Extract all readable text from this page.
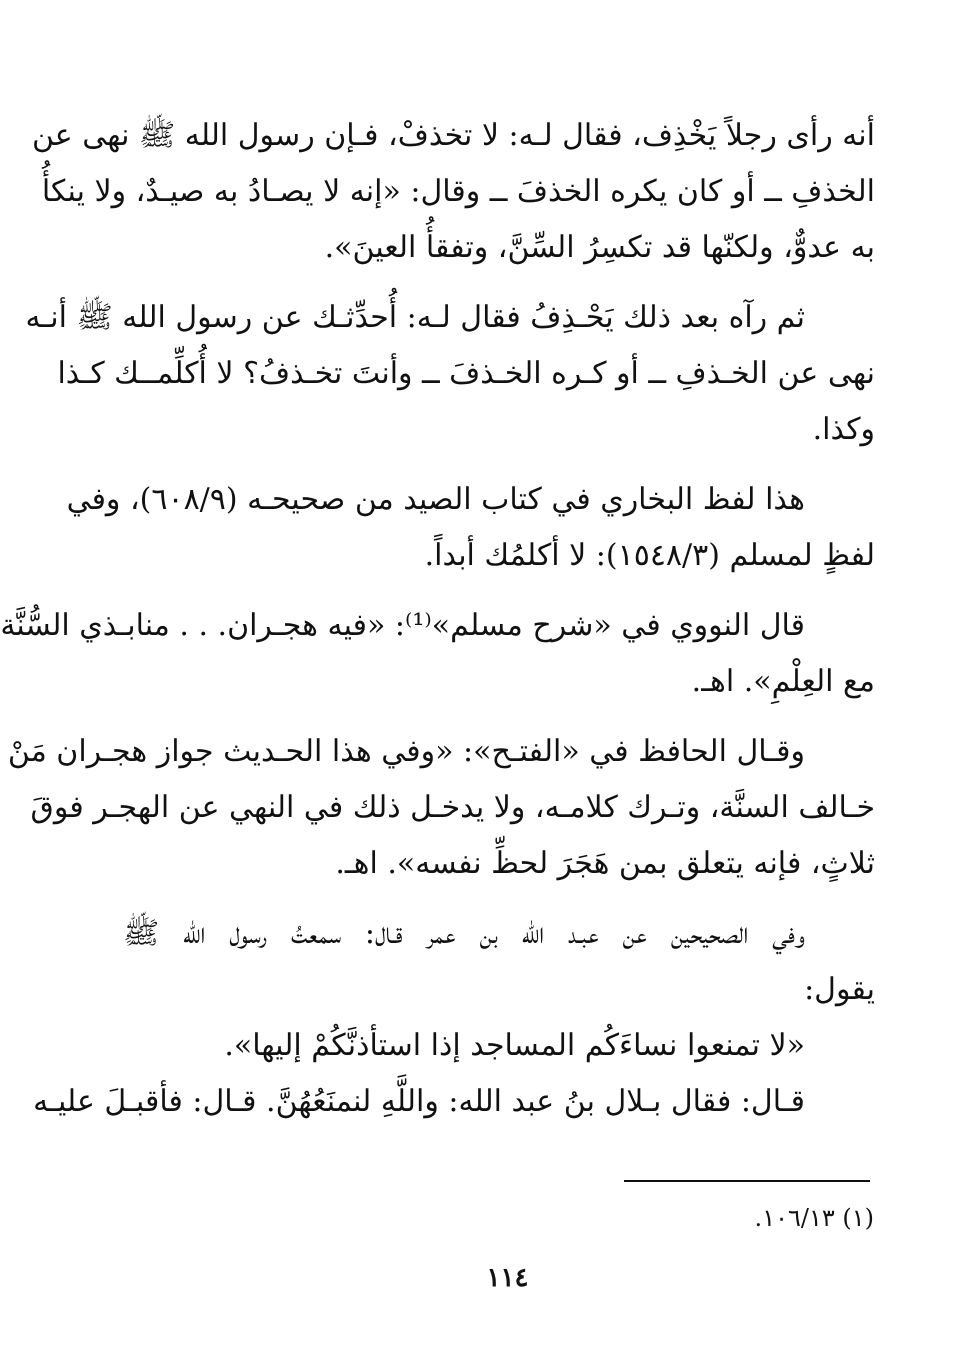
أنه رأى رجلاً يَخْذِف، فقال لـه: لا تخذفْ، فـإن رسول الله ﷺ نهى عن
الخذفِ ــ أو كان يكره الخذفَ ــ وقال: «إنه لا يصـادُ به صيـدٌ، ولا ينكأُ
به عدوٌّ، ولكنّها قد تكسِرُ السِّنَّ، وتفقأُ العينَ».
ثم رآه بعد ذلك يَحْـذِفُ فقال لـه: أُحدِّثـك عن رسول الله ﷺ أنـه
نهى عن الخـذفِ ــ أو كـره الخـذفَ ــ وأنتَ تخـذفُ؟ لا أُكلِّمــك كـذا
وكذا.
هذا لفظ البخاري في كتاب الصيد من صحيحـه (٦٠٨/٩)، وفي
لفظٍ لمسلم (١٥٤٨/٣): لا أكلمُك أبداً.
قال النووي في «شرح مسلم»⁽¹⁾: «فيه هجـران. . . منابـذي السُّنَّة
مع العِلْمِ». اهـ.
وقـال الحافظ في «الفتـح»: «وفي هذا الحـديث جواز هجـران مَنْ
خـالف السنَّة، وتـرك كلامـه، ولا يدخـل ذلك في النهي عن الهجـر فوقَ
ثلاثٍ، فإنه يتعلق بمن هَجَرَ لحظِّ نفسه». اهـ.
وفي الصحيحين عن عبـد الله بن عمر قـال: سمعتُ رسول الله ﷺ
يقول:
«لا تمنعوا نساءَكُم المساجد إذا استأذنَّكُمْ إليها».
قـال: فقال بـلال بنُ عبد الله: واللَّهِ لنمنَعُهُنَّ. قـال: فأقبـلَ عليـه
(١) ١٠٦/١٣.
١١٤
